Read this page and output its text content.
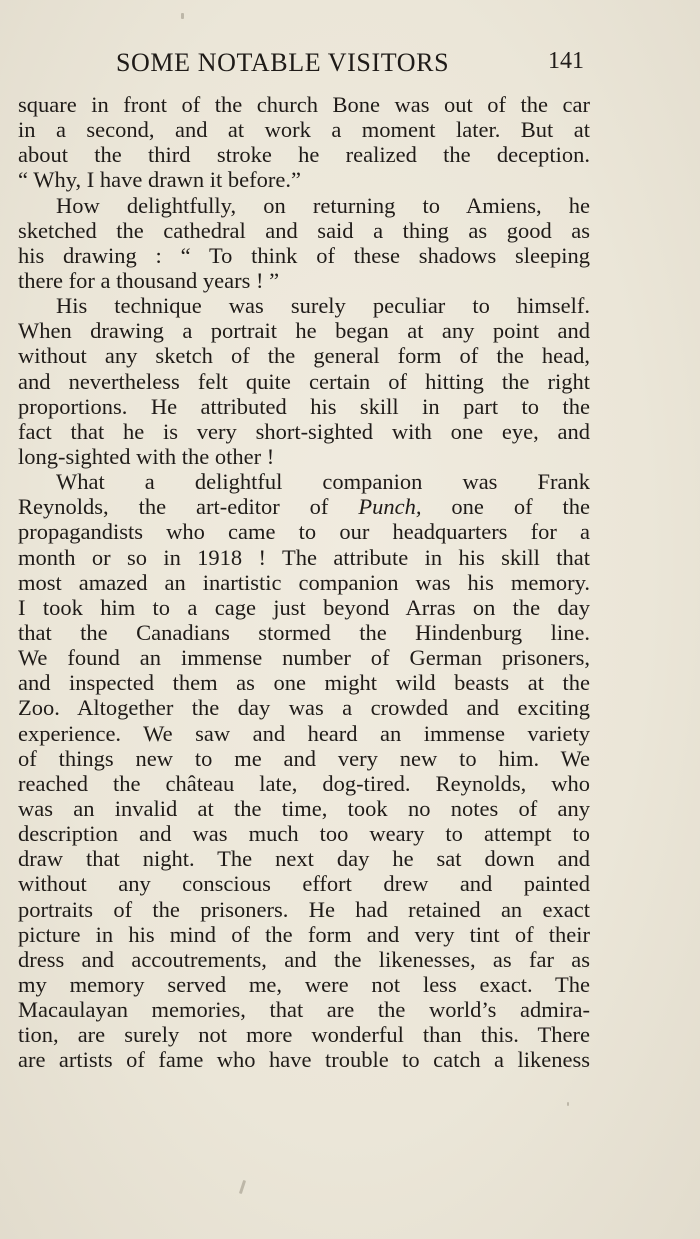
SOME NOTABLE VISITORS	141
square in front of the church Bone was out of the car
in a second, and at work a moment later. But at
about the third stroke he realized the deception.
“ Why, I have drawn it before.”
How delightfully, on returning to Amiens, he
sketched the cathedral and said a thing as good as
his drawing : “ To think of these shadows sleeping
there for a thousand years ! ”
His technique was surely peculiar to himself.
When drawing a portrait he began at any point and
without any sketch of the general form of the head,
and nevertheless felt quite certain of hitting the right
proportions. He attributed his skill in part to the
fact that he is very short-sighted with one eye, and
long-sighted with the other !
What a delightful companion was Frank
Reynolds, the art-editor of Punch, one of the
propagandists who came to our headquarters for a
month or so in 1918 ! The attribute in his skill that
most amazed an inartistic companion was his memory.
I took him to a cage just beyond Arras on the day
that the Canadians stormed the Hindenburg line.
We found an immense number of German prisoners,
and inspected them as one might wild beasts at the
Zoo. Altogether the day was a crowded and exciting
experience. We saw and heard an immense variety
of things new to me and very new to him. We
reached the château late, dog-tired. Reynolds, who
was an invalid at the time, took no notes of any
description and was much too weary to attempt to
draw that night. The next day he sat down and
without any conscious effort drew and painted
portraits of the prisoners. He had retained an exact
picture in his mind of the form and very tint of their
dress and accoutrements, and the likenesses, as far as
my memory served me, were not less exact. The
Macaulayan memories, that are the world’s admira-
tion, are surely not more wonderful than this. There
are artists of fame who have trouble to catch a likeness
